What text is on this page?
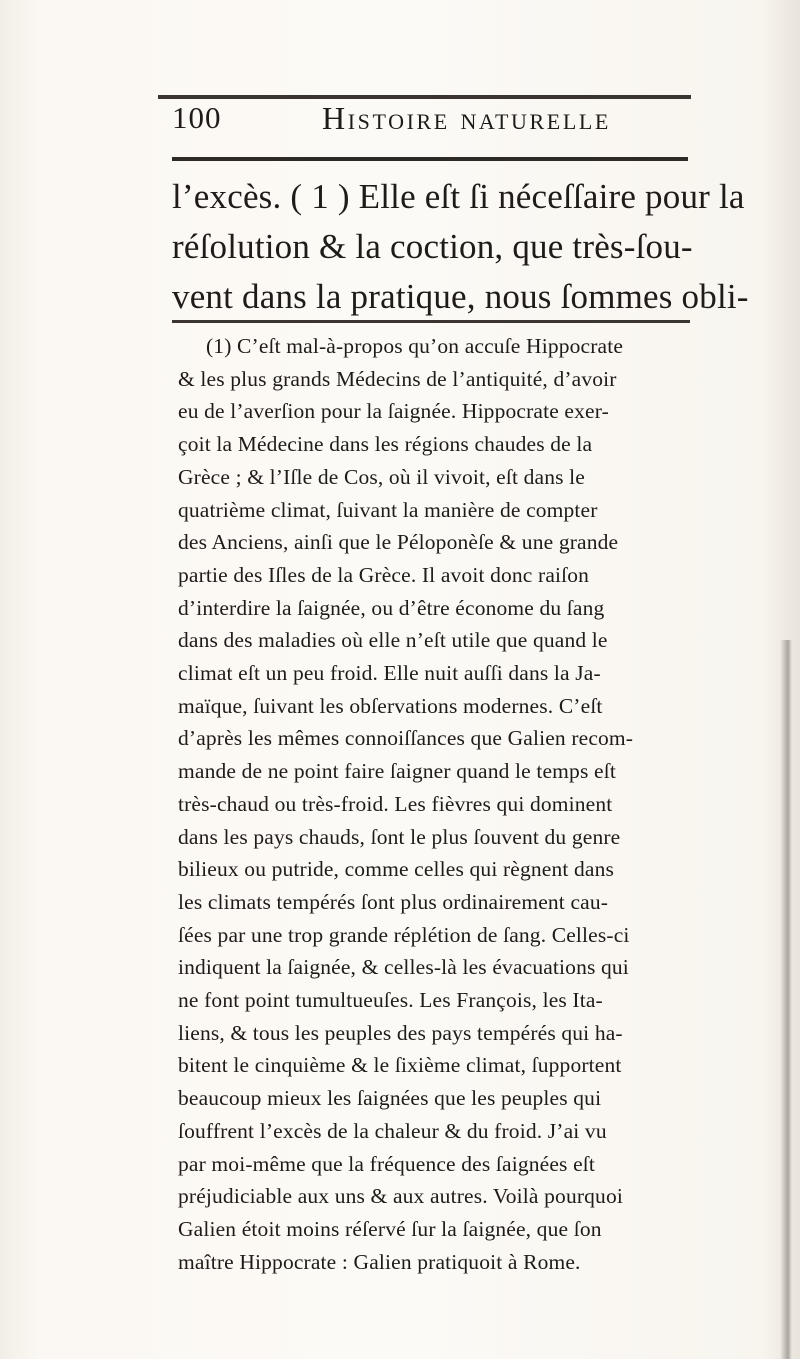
100	Histoire naturelle
l’excès. ( 1 ) Elle eſt ſi néceſſaire pour la
réſolution & la coction, que très-ſou-
vent dans la pratique, nous ſommes obli-
(1) C’eſt mal-à-propos qu’on accuſe Hippocrate
& les plus grands Médecins de l’antiquité, d’avoir
eu de l’averſion pour la ſaignée. Hippocrate exer-
çoit la Médecine dans les régions chaudes de la
Grèce ; & l’Iſle de Cos, où il vivoit, eſt dans le
quatrième climat, ſuivant la manière de compter
des Anciens, ainſi que le Péloponèſe & une grande
partie des Iſles de la Grèce. Il avoit donc raiſon
d’interdire la ſaignée, ou d’être économe du ſang
dans des maladies où elle n’eſt utile que quand le
climat eſt un peu froid. Elle nuit auſſi dans la Ja-
maïque, ſuivant les obſervations modernes. C’eſt
d’après les mêmes connoiſſances que Galien recom-
mande de ne point faire ſaigner quand le temps eſt
très-chaud ou très-froid. Les fièvres qui dominent
dans les pays chauds, ſont le plus ſouvent du genre
bilieux ou putride, comme celles qui règnent dans
les climats tempérés ſont plus ordinairement cau-
ſées par une trop grande réplétion de ſang. Celles-ci
indiquent la ſaignée, & celles-là les évacuations qui
ne font point tumultueuſes. Les François, les Ita-
liens, & tous les peuples des pays tempérés qui ha-
bitent le cinquième & le ſixième climat, ſupportent
beaucoup mieux les ſaignées que les peuples qui
ſouffrent l’excès de la chaleur & du froid. J’ai vu
par moi-même que la fréquence des ſaignées eſt
préjudiciable aux uns & aux autres. Voilà pourquoi
Galien étoit moins réſervé ſur la ſaignée, que ſon
maître Hippocrate : Galien pratiquoit à Rome.
